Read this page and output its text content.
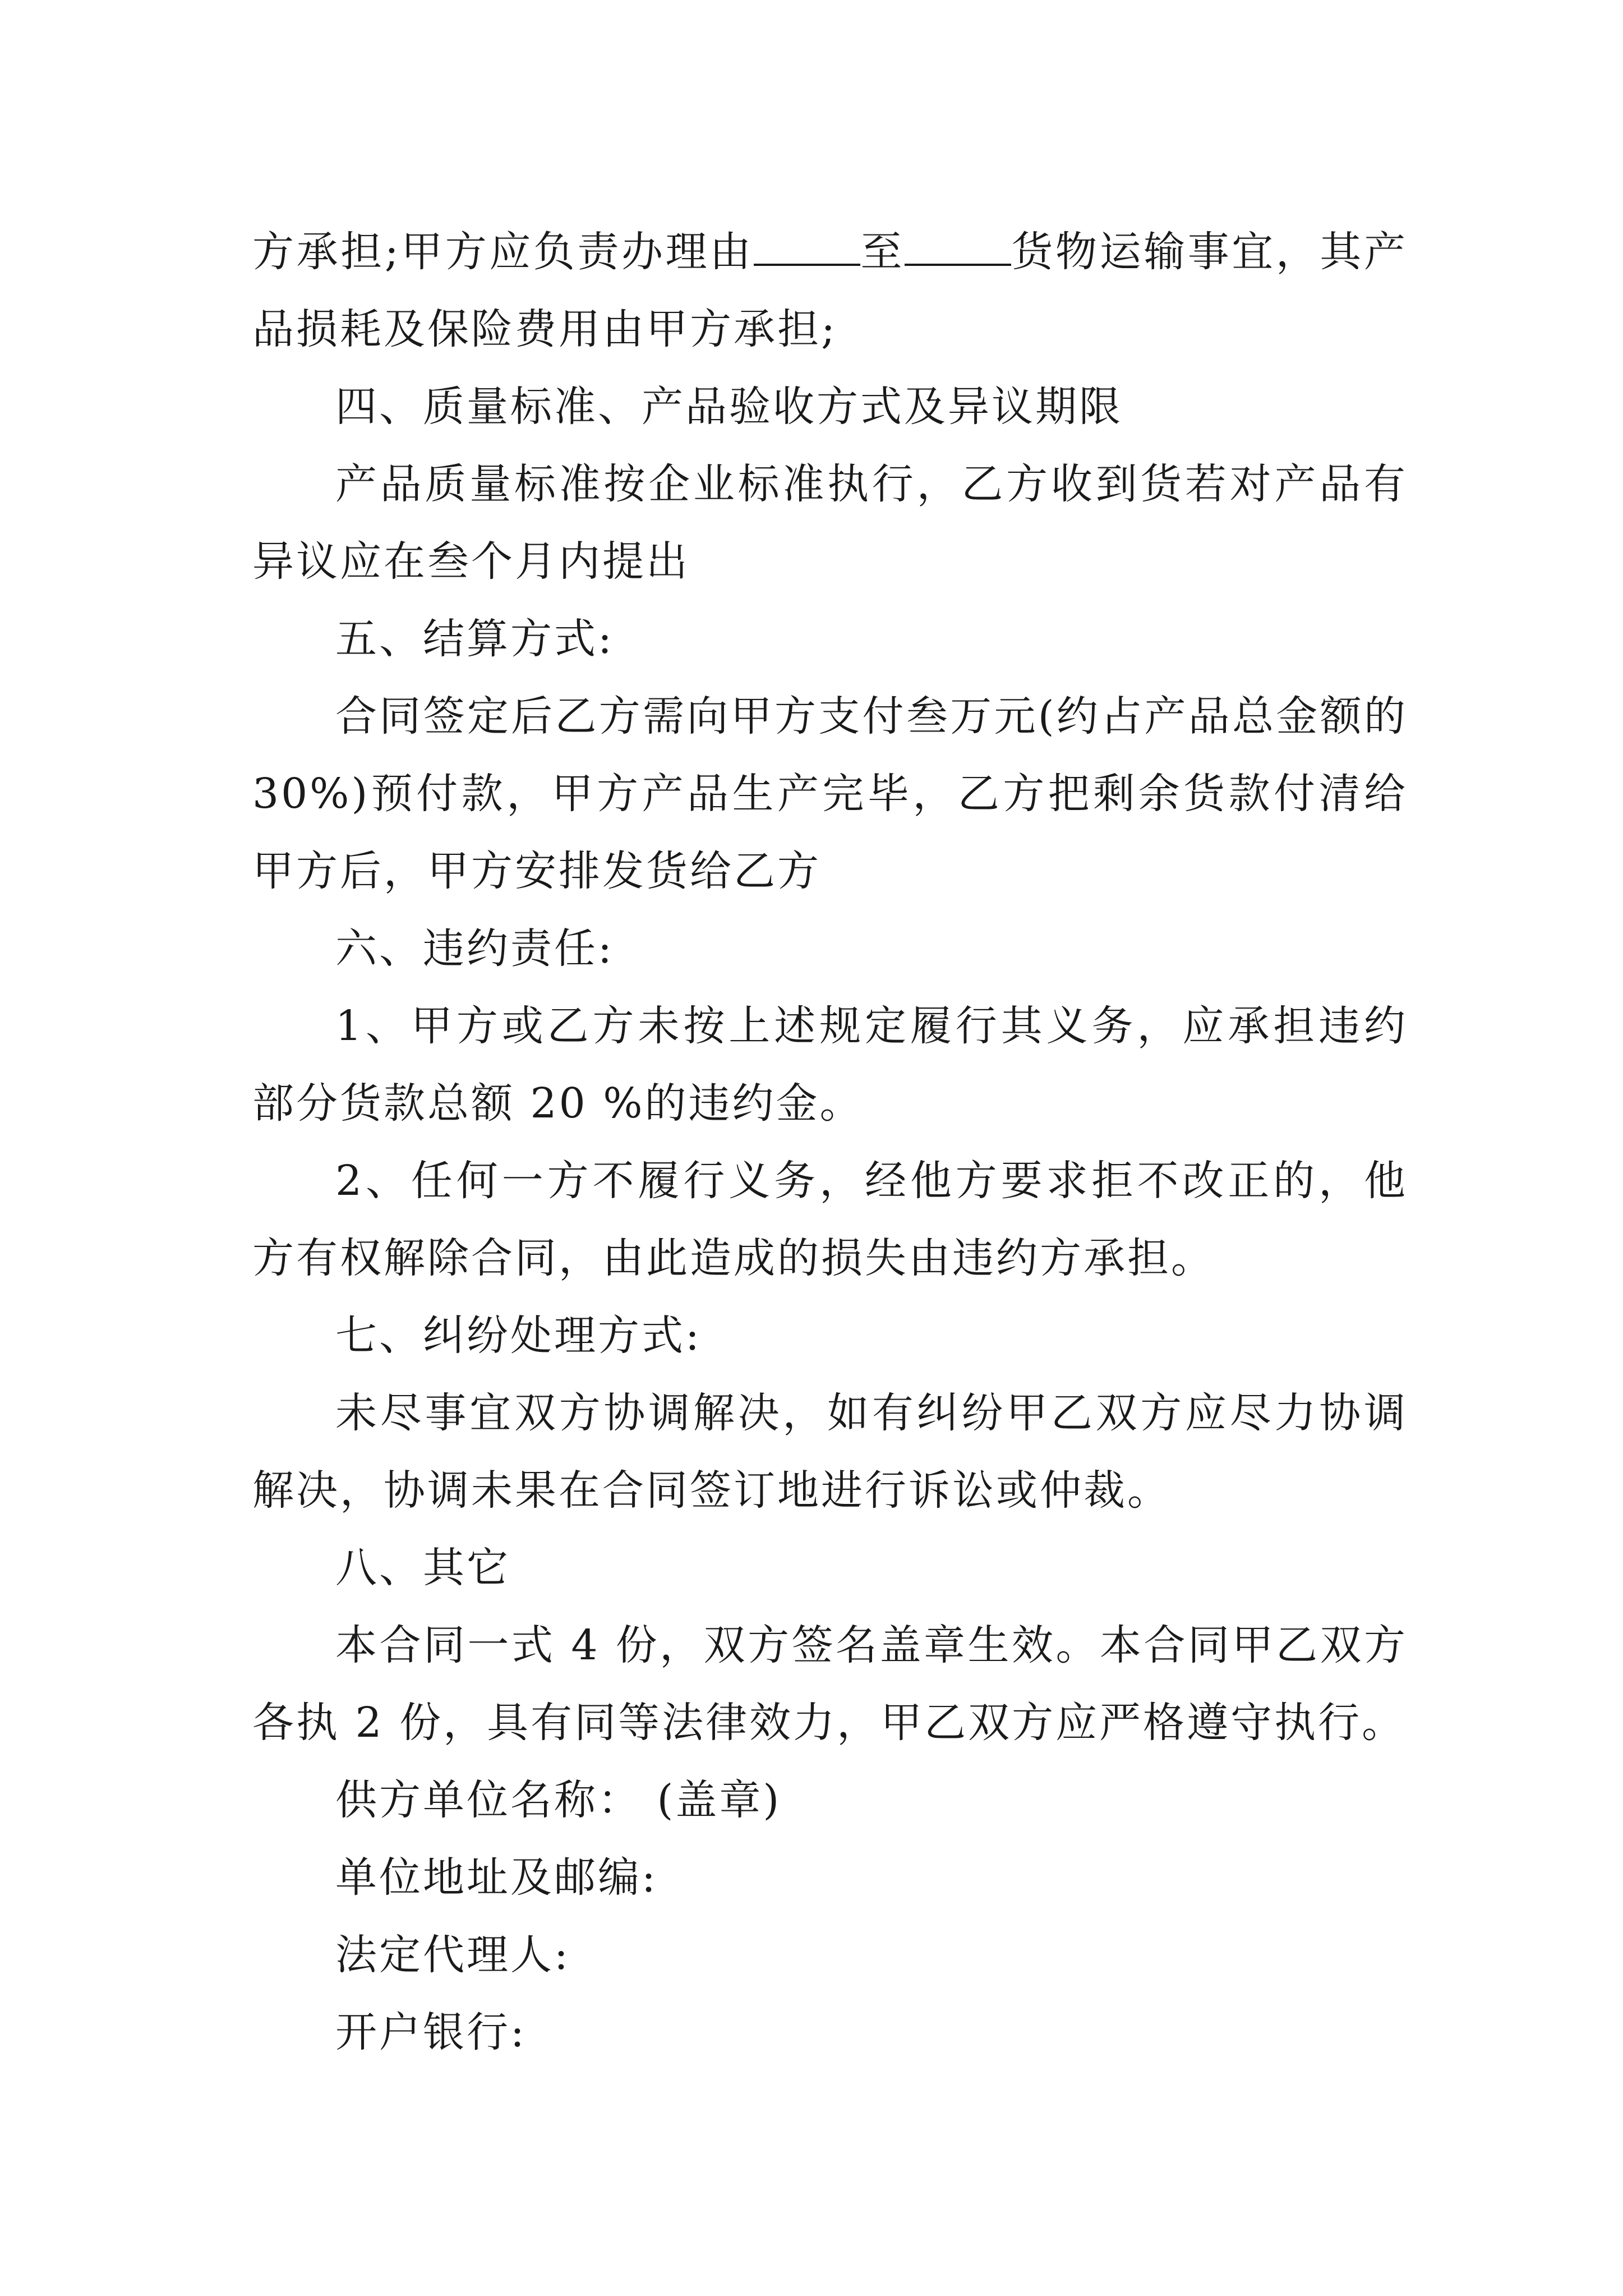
方承担;甲方应负责办理由	至	货物运输事宜，其产品损耗及保险费用由甲方承担;

四、质量标准、产品验收方式及异议期限

产品质量标准按企业标准执行，乙方收到货若对产品有异议应在叁个月内提出

五、结算方式:

合同签定后乙方需向甲方支付叁万元(约占产品总金额的 30%)预付款，甲方产品生产完毕，乙方把剩余货款付清给甲方后，甲方安排发货给乙方

六、违约责任:

1、甲方或乙方未按上述规定履行其义务，应承担违约部分货款总额 20 %的违约金。

2、任何一方不履行义务，经他方要求拒不改正的，他方有权解除合同，由此造成的损失由违约方承担。

七、纠纷处理方式:

未尽事宜双方协调解决，如有纠纷甲乙双方应尽力协调解决，协调未果在合同签订地进行诉讼或仲裁。

八、其它

本合同一式 4 份，双方签名盖章生效。本合同甲乙双方各执 2 份，具有同等法律效力，甲乙双方应严格遵守执行。

供方单位名称： (盖章)

单位地址及邮编:

法定代理人:

开户银行:
